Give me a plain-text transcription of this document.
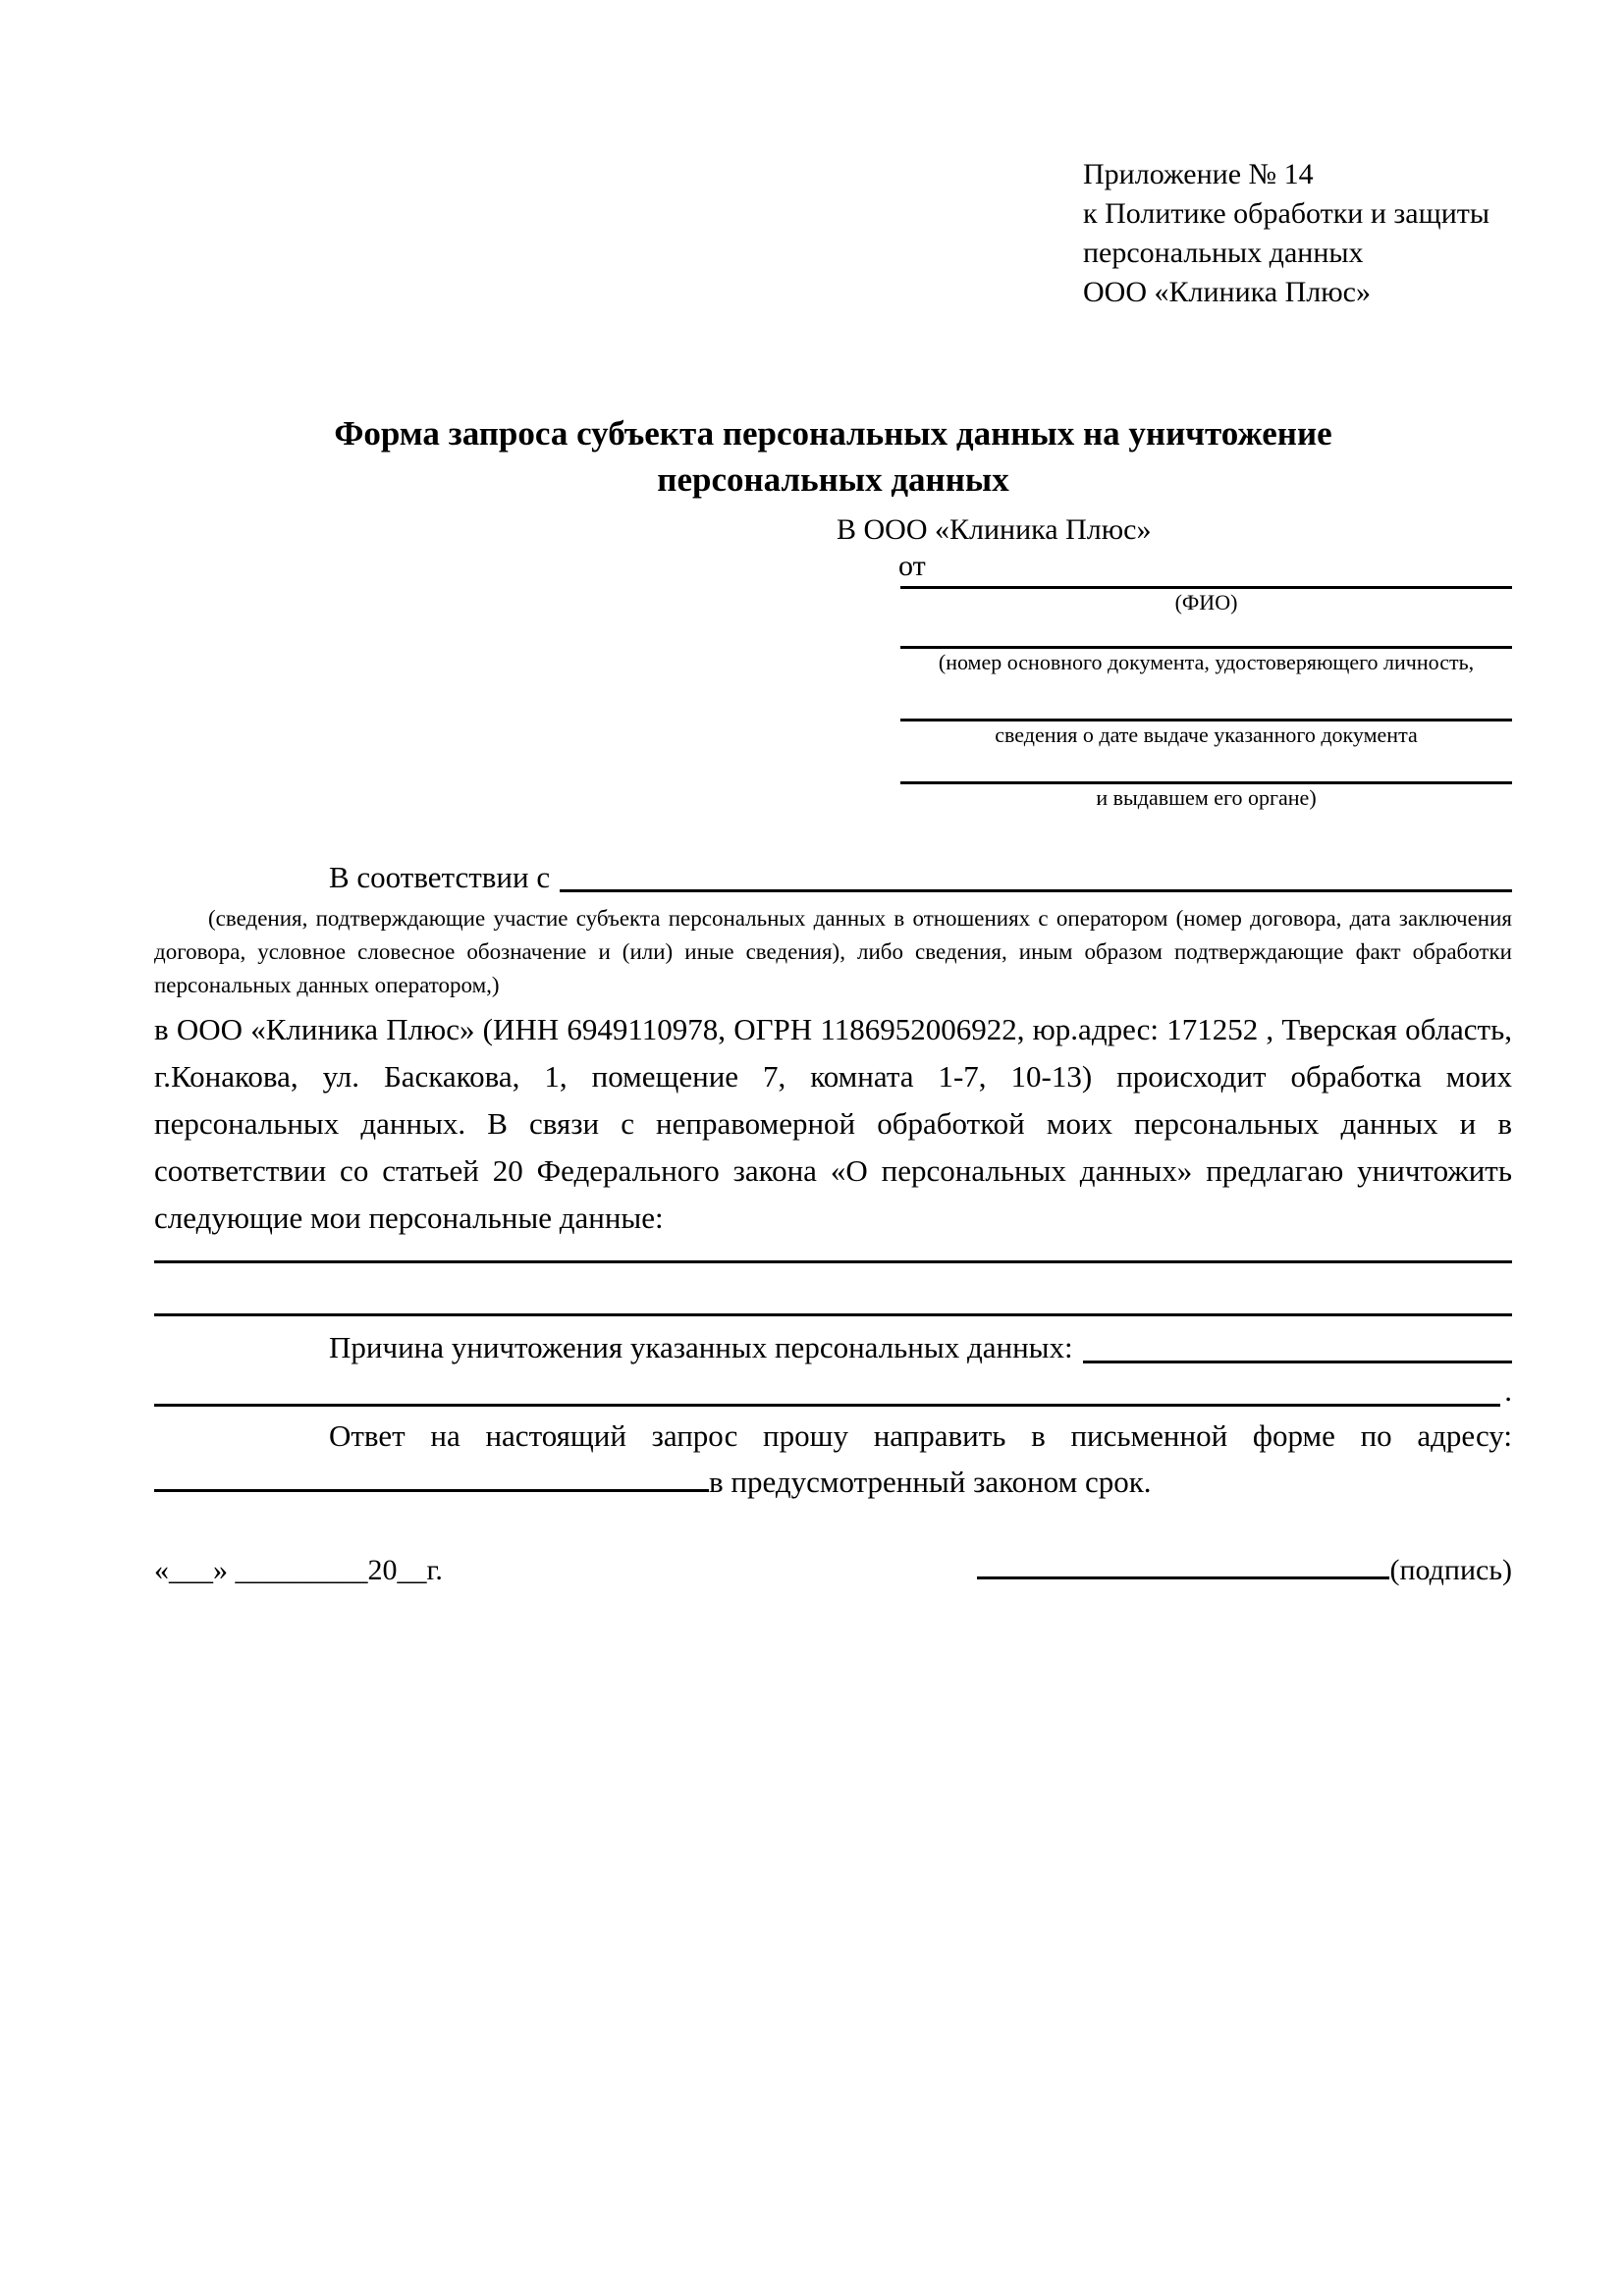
Приложение № 14
к Политике обработки и защиты
персональных данных
ООО «Клиника Плюс»
Форма запроса субъекта персональных данных на уничтожение персональных данных
В ООО «Клиника Плюс»
от
(ФИО)
(номер основного документа, удостоверяющего личность,
сведения о дате выдаче указанного документа
и выдавшем его органе)
В соответствии с
(сведения, подтверждающие участие субъекта персональных данных в отношениях с оператором (номер договора, дата заключения договора, условное словесное обозначение и (или) иные сведения), либо сведения, иным образом подтверждающие факт обработки персональных данных оператором,)
в ООО «Клиника Плюс» (ИНН 6949110978, ОГРН 1186952006922, юр.адрес: 171252 , Тверская область, г.Конакова, ул. Баскакова, 1, помещение 7, комната 1-7, 10-13) происходит обработка моих персональных данных. В связи с неправомерной обработкой моих персональных данных и в соответствии со статьей 20 Федерального закона «О персональных данных» предлагаю уничтожить следующие мои персональные данные:
Причина уничтожения указанных персональных данных:
.
Ответ на настоящий запрос прошу направить в письменной форме по адресу:
в предусмотренный законом срок.
«___» _________20__г.	(подпись)
